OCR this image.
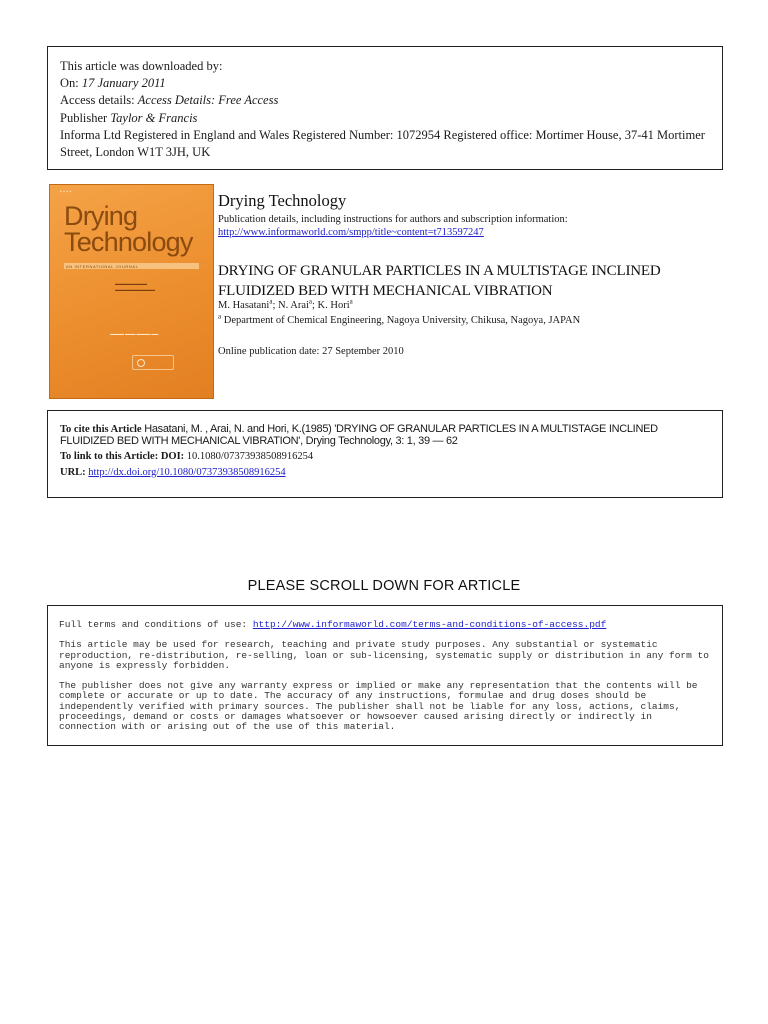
This article was downloaded by:
On: 17 January 2011
Access details: Access Details: Free Access
Publisher Taylor & Francis
Informa Ltd Registered in England and Wales Registered Number: 1072954 Registered office: Mortimer House, 37-41 Mortimer Street, London W1T 3JH, UK
▪ ▪ ▪ ▪
Drying
Technology
AN INTERNATIONAL JOURNAL
▬▬▬▬▬▬▬▬
▬▬▬▬▬▬▬▬▬▬
▬▬▬▬ ▬▬▬ ▬▬▬▬ ▬▬
Drying Technology
Publication details, including instructions for authors and subscription information:
http://www.informaworld.com/smpp/title~content=t713597247
DRYING OF GRANULAR PARTICLES IN A MULTISTAGE INCLINED FLUIDIZED BED WITH MECHANICAL VIBRATION
M. Hasatani$^a$; N. Arai$^a$; K. Hori$^a$
$^a$ Department of Chemical Engineering, Nagoya University, Chikusa, Nagoya, JAPAN
Online publication date: 27 September 2010
To cite this Article Hasatani, M. , Arai, N. and Hori, K.(1985) 'DRYING OF GRANULAR PARTICLES IN A MULTISTAGE INCLINED FLUIDIZED BED WITH MECHANICAL VIBRATION', Drying Technology, 3: 1, 39 — 62
To link to this Article: DOI: 10.1080/07373938508916254
URL: http://dx.doi.org/10.1080/07373938508916254
PLEASE SCROLL DOWN FOR ARTICLE

Full terms and conditions of use: http://www.informaworld.com/terms-and-conditions-of-access.pdf

This article may be used for research, teaching and private study purposes. Any substantial or systematic reproduction, re-distribution, re-selling, loan or sub-licensing, systematic supply or distribution in any form to anyone is expressly forbidden.

The publisher does not give any warranty express or implied or make any representation that the contents will be complete or accurate or up to date. The accuracy of any instructions, formulae and drug doses should be independently verified with primary sources. The publisher shall not be liable for any loss, actions, claims, proceedings, demand or costs or damages whatsoever or howsoever caused arising directly or indirectly in connection with or arising out of the use of this material.
